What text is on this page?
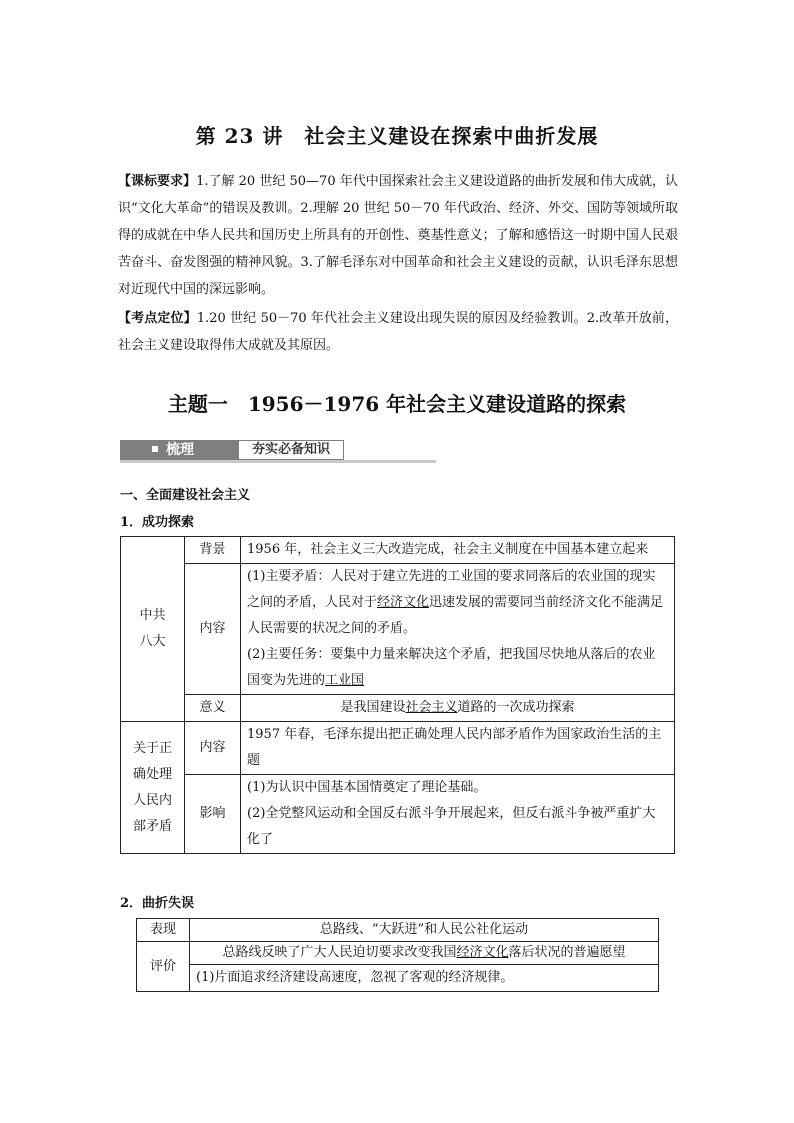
第 23 讲　社会主义建设在探索中曲折发展

【课标要求】1.了解 20 世纪 50—70 年代中国探索社会主义建设道路的曲折发展和伟大成就，认识“文化大革命”的错误及教训。2.理解 20 世纪 50－70 年代政治、经济、外交、国防等领域所取得的成就在中华人民共和国历史上所具有的开创性、奠基性意义；了解和感悟这一时期中国人民艰苦奋斗、奋发图强的精神风貌。3.了解毛泽东对中国革命和社会主义建设的贡献，认识毛泽东思想对近现代中国的深远影响。

【考点定位】1.20 世纪 50－70 年代社会主义建设出现失误的原因及经验教训。2.改革开放前，社会主义建设取得伟大成就及其原因。

主题一　1956－1976 年社会主义建设道路的探索
梳理	夯实必备知识
一、全面建设社会主义
1．成功探索
中共
八大	背景	1956 年，社会主义三大改造完成，社会主义制度在中国基本建立起来
	内容	(1)主要矛盾：人民对于建立先进的工业国的要求同落后的农业国的现实之间的矛盾，人民对于经济文化迅速发展的需要同当前经济文化不能满足人民需要的状况之间的矛盾。
(2)主要任务：要集中力量来解决这个矛盾，把我国尽快地从落后的农业国变为先进的工业国

	意义	是我国建设社会主义道路的一次成功探索
关于正
确处理
人民内
部矛盾	内容	1957 年春，毛泽东提出把正确处理人民内部矛盾作为国家政治生活的主题
	影响	(1)为认识中国基本国情奠定了理论基础。
(2)全党整风运动和全国反右派斗争开展起来，但反右派斗争被严重扩大化了
2．曲折失误
表现	总路线、“大跃进”和人民公社化运动
评价	总路线反映了广大人民迫切要求改变我国经济文化落后状况的普遍愿望
	(1)片面追求经济建设高速度，忽视了客观的经济规律。
